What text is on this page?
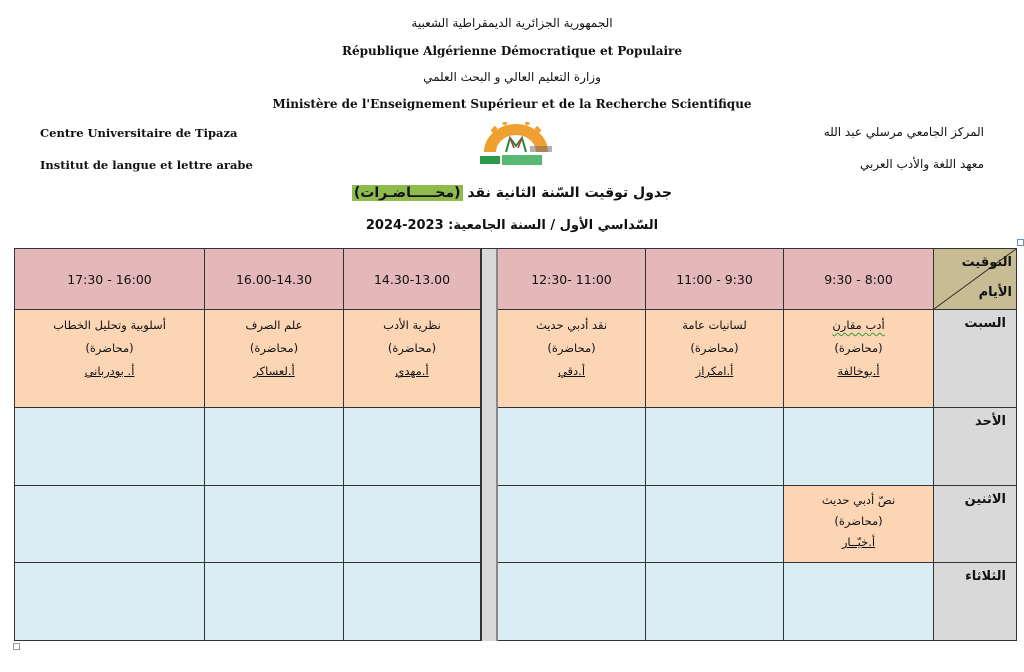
الجمهورية الجزائرية الديمقراطية الشعبية
République Algérienne Démocratique et Populaire
وزارة التعليم العالي و البحث العلمي
Ministère de l'Enseignement Supérieur et de la Recherche Scientifique
Centre Universitaire de Tipaza
Institut de langue et lettre arabe
المركز الجامعي مرسلي عبد الله
معهد اللغة والأدب العربي
جدول توقيت السّنة الثانية نقد (محـــــاضـرات)
السّداسي الأول / السنة الجامعية: 2023-2024
التوقيت
الأيام
9:30 - 8:00
11:00 - 9:30
12:30- 11:00
14.30-13.00
16.00-14.30
17:30 - 16:00
السبت
الأحد
الاثنين
الثلاثاء
أدب مقارن
(محاضرة)
أ.بوخالفة
لسانيات عامة
(محاضرة)
أ.امكراز
نقد أدبي حديث
(محاضرة)
أ.دقي
نظرية الأدب
(محاضرة)
أ.مهدي
علم الصرف
(محاضرة)
أ.لعساكر
أسلوبية وتحليل الخطاب
(محاضرة)
أ. بودرباني
نصّ أدبي حديث
(محاضرة)
أ.خيّــار
